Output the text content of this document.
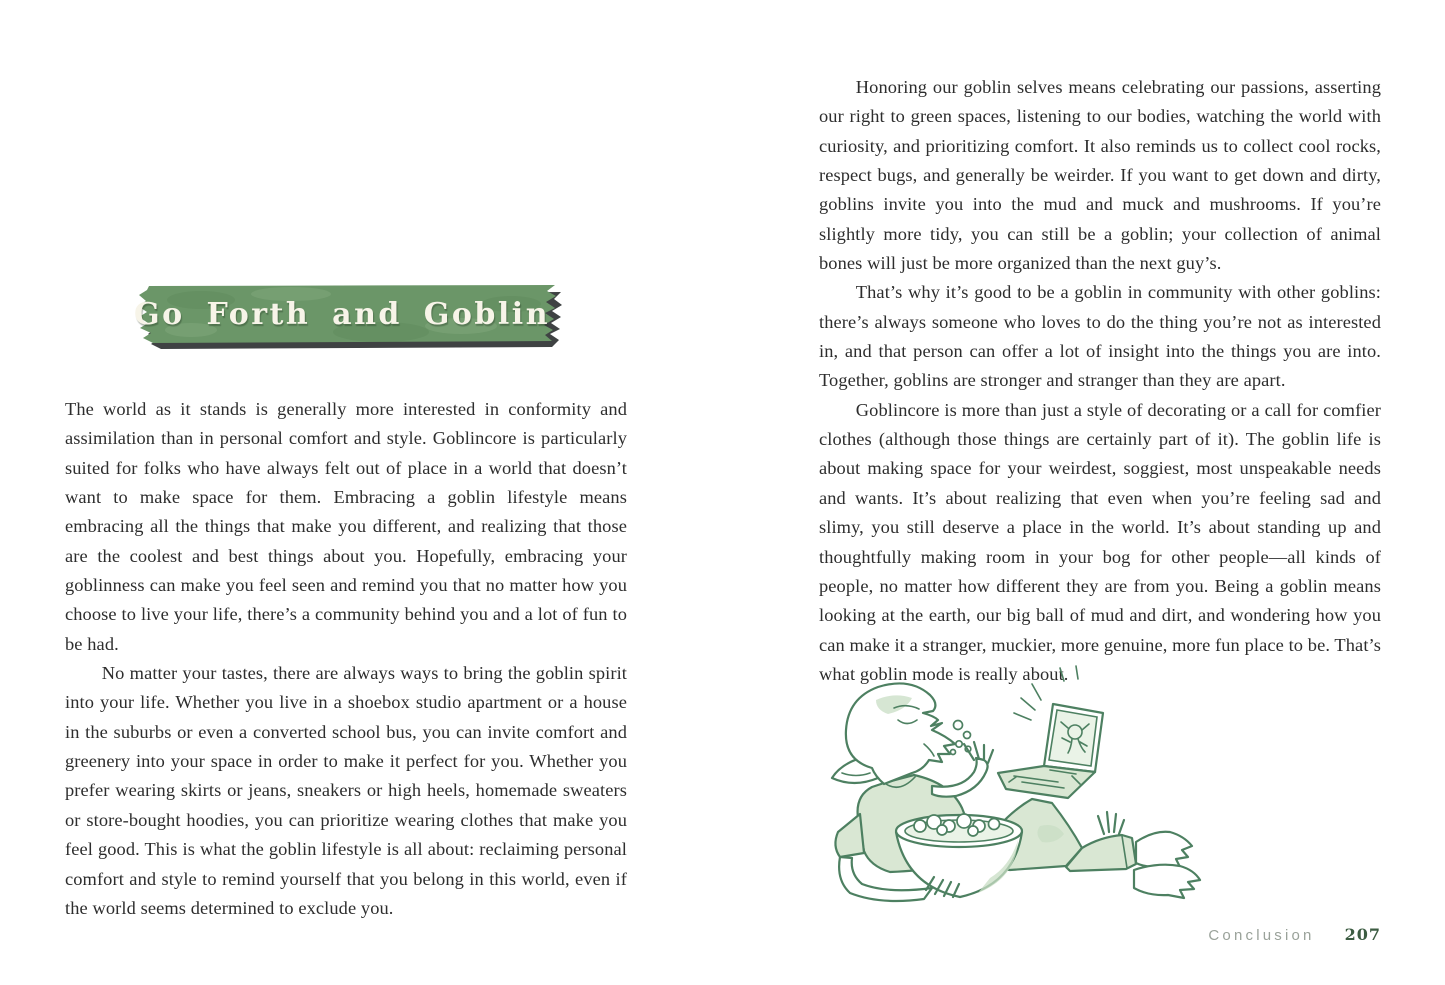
Go Forth and Goblin

The world as it stands is generally more interested in conformity and assimilation than in personal comfort and style. Goblincore is particularly suited for folks who have always felt out of place in a world that doesn’t want to make space for them. Embracing a goblin lifestyle means embracing all the things that make you different, and realizing that those are the coolest and best things about you. Hopefully, embracing your goblinness can make you feel seen and remind you that no matter how you choose to live your life, there’s a community behind you and a lot of fun to be had.

No matter your tastes, there are always ways to bring the goblin spirit into your life. Whether you live in a shoebox studio apartment or a house in the suburbs or even a converted school bus, you can invite comfort and greenery into your space in order to make it perfect for you. Whether you prefer wearing skirts or jeans, sneakers or high heels, homemade sweaters or store-bought hoodies, you can prioritize wearing clothes that make you feel good. This is what the goblin lifestyle is all about: reclaiming personal comfort and style to remind yourself that you belong in this world, even if the world seems determined to exclude you.

Honoring our goblin selves means celebrating our passions, asserting our right to green spaces, listening to our bodies, watching the world with curiosity, and prioritizing comfort. It also reminds us to collect cool rocks, respect bugs, and generally be weirder. If you want to get down and dirty, goblins invite you into the mud and muck and mushrooms. If you’re slightly more tidy, you can still be a goblin; your collection of animal bones will just be more organized than the next guy’s.

That’s why it’s good to be a goblin in community with other goblins: there’s always someone who loves to do the thing you’re not as interested in, and that person can offer a lot of insight into the things you are into. Together, goblins are stronger and stranger than they are apart.

Goblincore is more than just a style of decorating or a call for comfier clothes (although those things are certainly part of it). The goblin life is about making space for your weirdest, soggiest, most unspeakable needs and wants. It’s about realizing that even when you’re feeling sad and slimy, you still deserve a place in the world. It’s about standing up and thoughtfully making room in your bog for other people—all kinds of people, no matter how different they are from you. Being a goblin means looking at the earth, our big ball of mud and dirt, and wondering how you can make it a stranger, muckier, more genuine, more fun place to be. That’s what goblin mode is really about.

Conclusion 207
